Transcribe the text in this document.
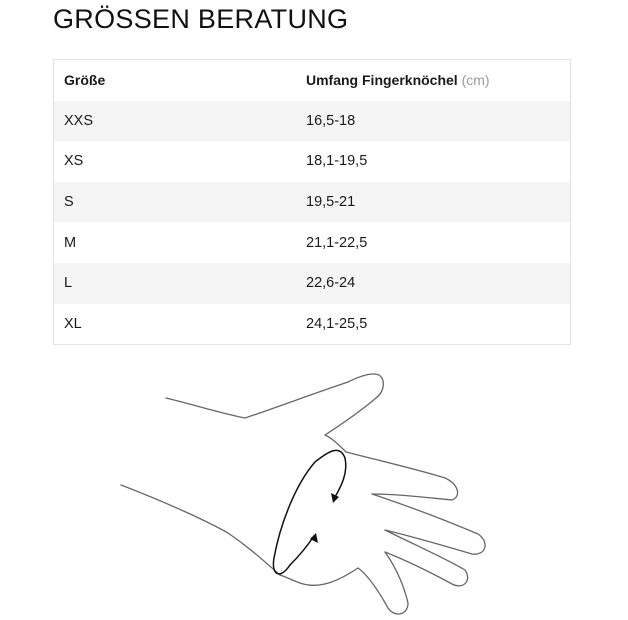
GRÖSSEN BERATUNG
Größe	Umfang Fingerknöchel (cm)
XXS	16,5-18
XS	18,1-19,5
S	19,5-21
M	21,1-22,5
L	22,6-24
XL	24,1-25,5
